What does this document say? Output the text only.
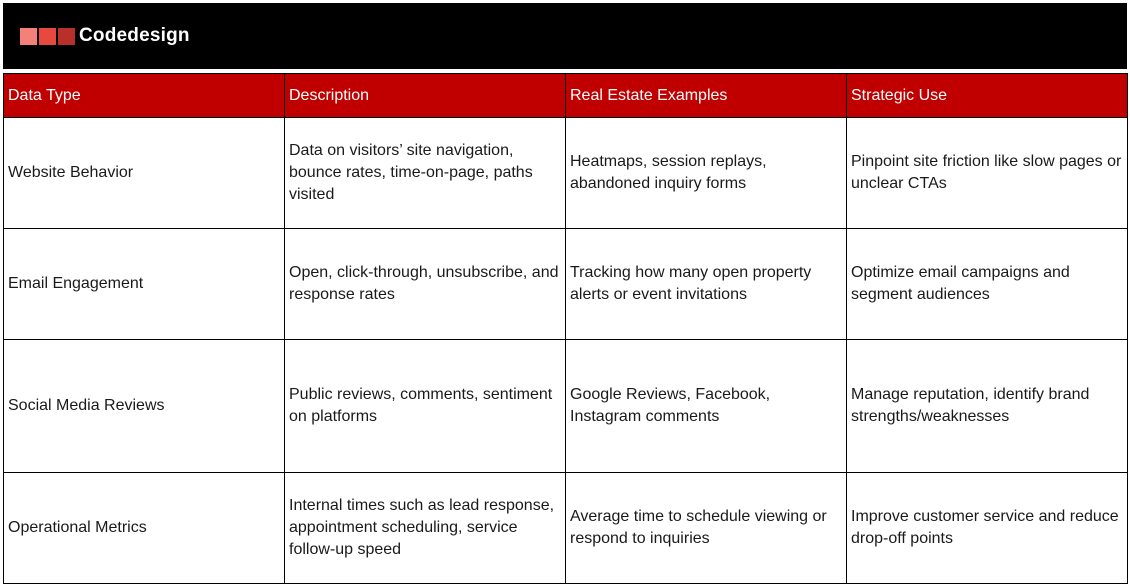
Codedesign
Data Type	Description	Real Estate Examples	Strategic Use
Website Behavior	Data on visitors’ site navigation, bounce rates, time-on-page, paths visited	Heatmaps, session replays, abandoned inquiry forms	Pinpoint site friction like slow pages or unclear CTAs
Email Engagement	Open, click-through, unsubscribe, and response rates	Tracking how many open property alerts or event invitations	Optimize email campaigns and segment audiences
Social Media Reviews	Public reviews, comments, sentiment on platforms	Google Reviews, Facebook, Instagram comments	Manage reputation, identify brand strengths/weaknesses
Operational Metrics	Internal times such as lead response, appointment scheduling, service follow-up speed	Average time to schedule viewing or respond to inquiries	Improve customer service and reduce drop-off points
